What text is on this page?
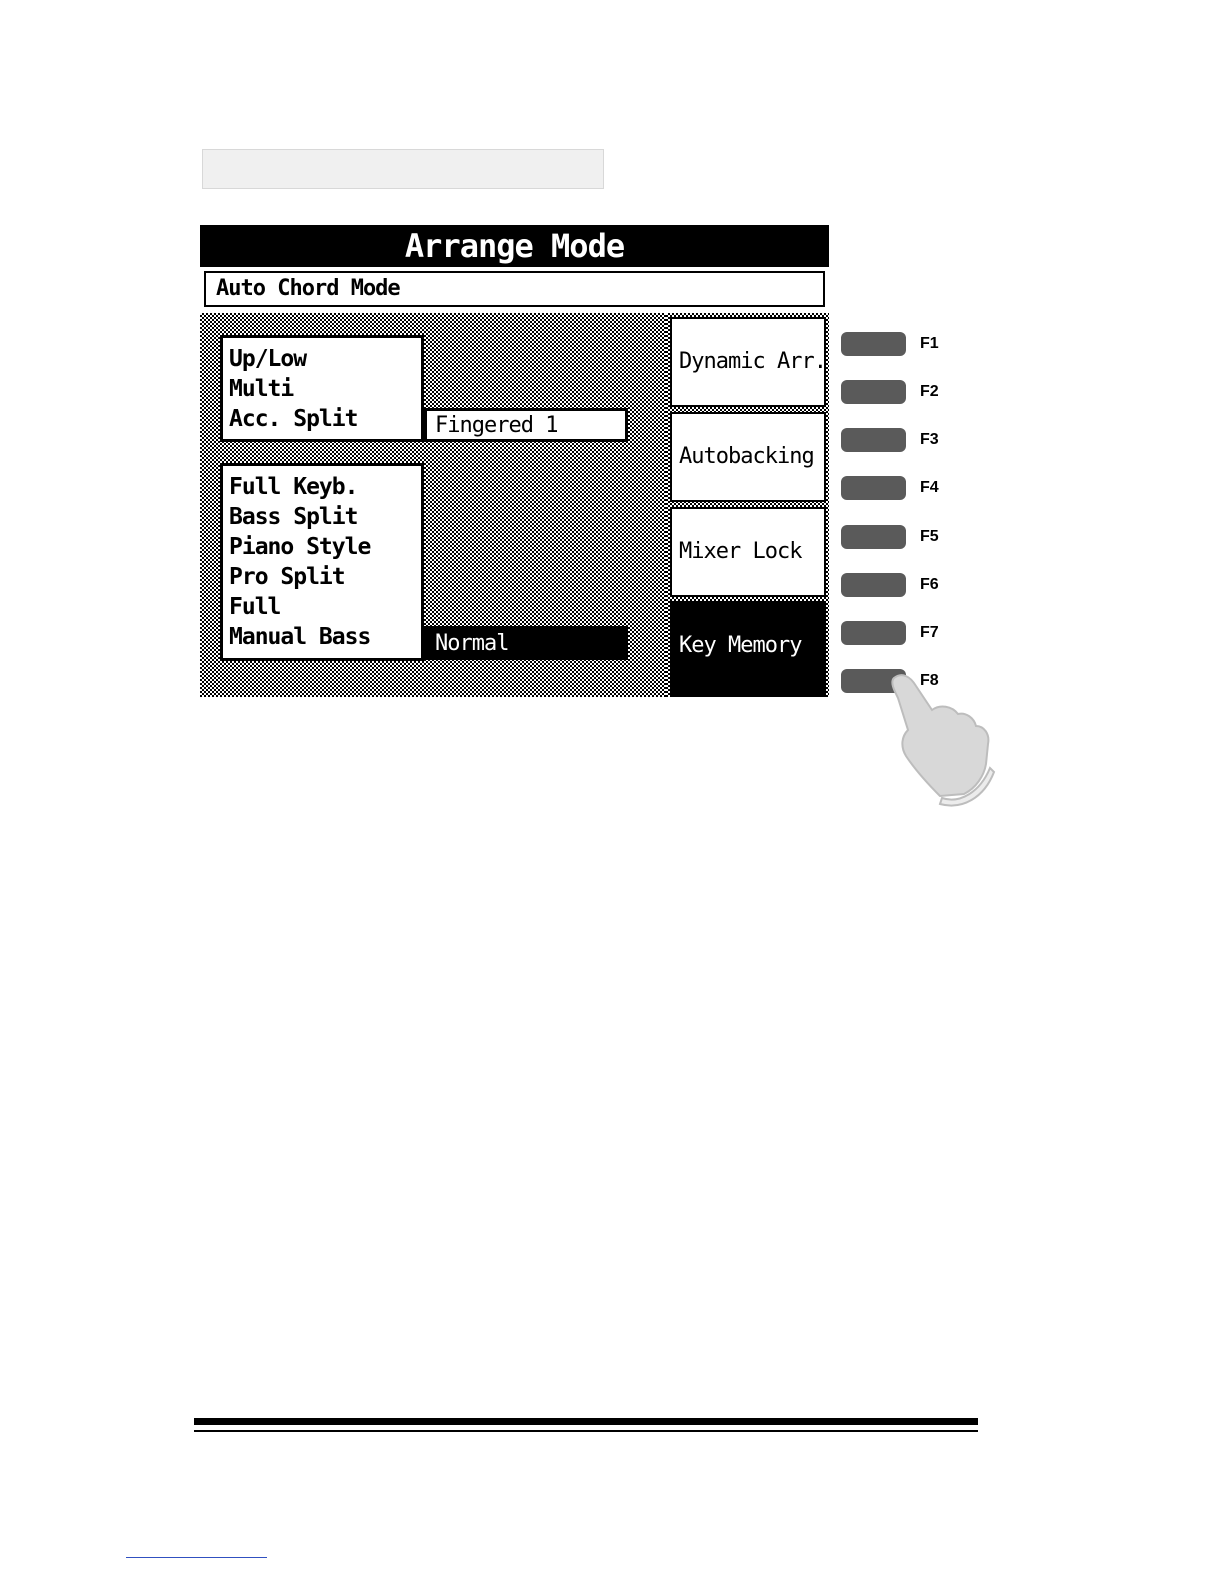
Arrange Mode
Auto Chord Mode
Up/Low
Multi
Acc. Split	Fingered 1
Full Keyb.
Bass Split
Piano Style
Pro Split
Full
Manual Bass	Normal
Dynamic Arr.
Autobacking
Mixer Lock
Key Memory
F1
F2
F3
F4
F5
F6
F7
F8
